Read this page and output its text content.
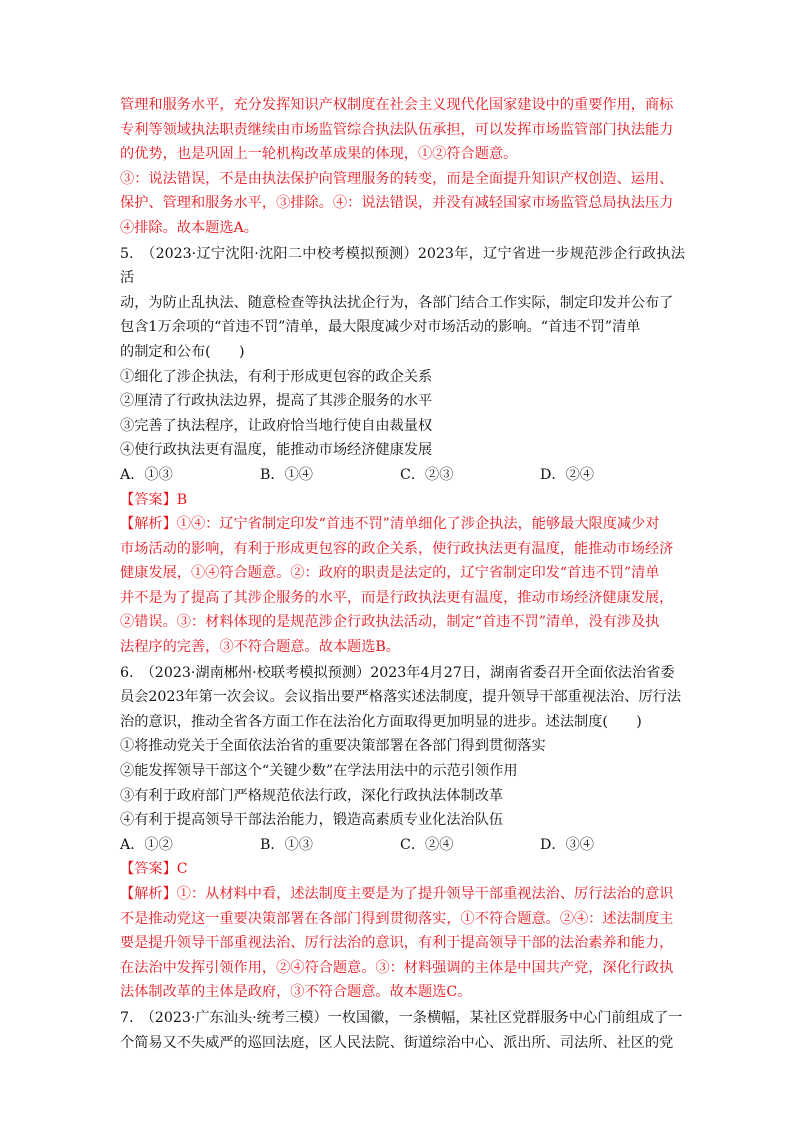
管理和服务水平，充分发挥知识产权制度在社会主义现代化国家建设中的重要作用，商标

专利等领域执法职责继续由市场监管综合执法队伍承担，可以发挥市场监管部门执法能力

的优势，也是巩固上一轮机构改革成果的体现，①②符合题意。

③：说法错误，不是由执法保护向管理服务的转变，而是全面提升知识产权创造、运用、

保护、管理和服务水平，③排除。④：说法错误，并没有减轻国家市场监管总局执法压力

④排除。故本题选A。

5.　（2023·辽宁沈阳·沈阳二中校考模拟预测）2023年，辽宁省进一步规范涉企行政执法活

动，为防止乱执法、随意检查等执法扰企行为，各部门结合工作实际，制定印发并公布了

包含1万余项的“首违不罚”清单，最大限度减少对市场活动的影响。“首违不罚”清单

的制定和公布(　　)

①细化了涉企执法，有利于形成更包容的政企关系

②厘清了行政执法边界，提高了其涉企服务的水平

③完善了执法程序，让政府恰当地行使自由裁量权

④使行政执法更有温度，能推动市场经济健康发展

A．①③	B．①④	C．②③	D．②④

【答案】B

【解析】①④：辽宁省制定印发“首违不罚”清单细化了涉企执法，能够最大限度减少对

市场活动的影响，有利于形成更包容的政企关系，使行政执法更有温度，能推动市场经济

健康发展，①④符合题意。②：政府的职责是法定的，辽宁省制定印发“首违不罚”清单

并不是为了提高了其涉企服务的水平，而是行政执法更有温度，推动市场经济健康发展，

②错误。③：材料体现的是规范涉企行政执法活动，制定“首违不罚”清单，没有涉及执

法程序的完善，③不符合题意。故本题选B。

6.　（2023·湖南郴州·校联考模拟预测）2023年4月27日，湖南省委召开全面依法治省委

员会2023年第一次会议。会议指出要严格落实述法制度，提升领导干部重视法治、厉行法

治的意识，推动全省各方面工作在法治化方面取得更加明显的进步。述法制度(　　)

①将推动党关于全面依法治省的重要决策部署在各部门得到贯彻落实

②能发挥领导干部这个“关键少数”在学法用法中的示范引领作用

③有利于政府部门严格规范依法行政，深化行政执法体制改革

④有利于提高领导干部法治能力，锻造高素质专业化法治队伍

A．①②	B．①③	C．②④	D．③④

【答案】C

【解析】①：从材料中看，述法制度主要是为了提升领导干部重视法治、厉行法治的意识

不是推动党这一重要决策部署在各部门得到贯彻落实，①不符合题意。②④：述法制度主

要是提升领导干部重视法治、厉行法治的意识，有利于提高领导干部的法治素养和能力，

在法治中发挥引领作用，②④符合题意。③：材料强调的主体是中国共产党，深化行政执

法体制改革的主体是政府，③不符合题意。故本题选C。

7.　（2023·广东汕头·统考三模）一枚国徽，一条横幅，某社区党群服务中心门前组成了一

个简易又不失威严的巡回法庭，区人民法院、街道综治中心、派出所、司法所、社区的党
